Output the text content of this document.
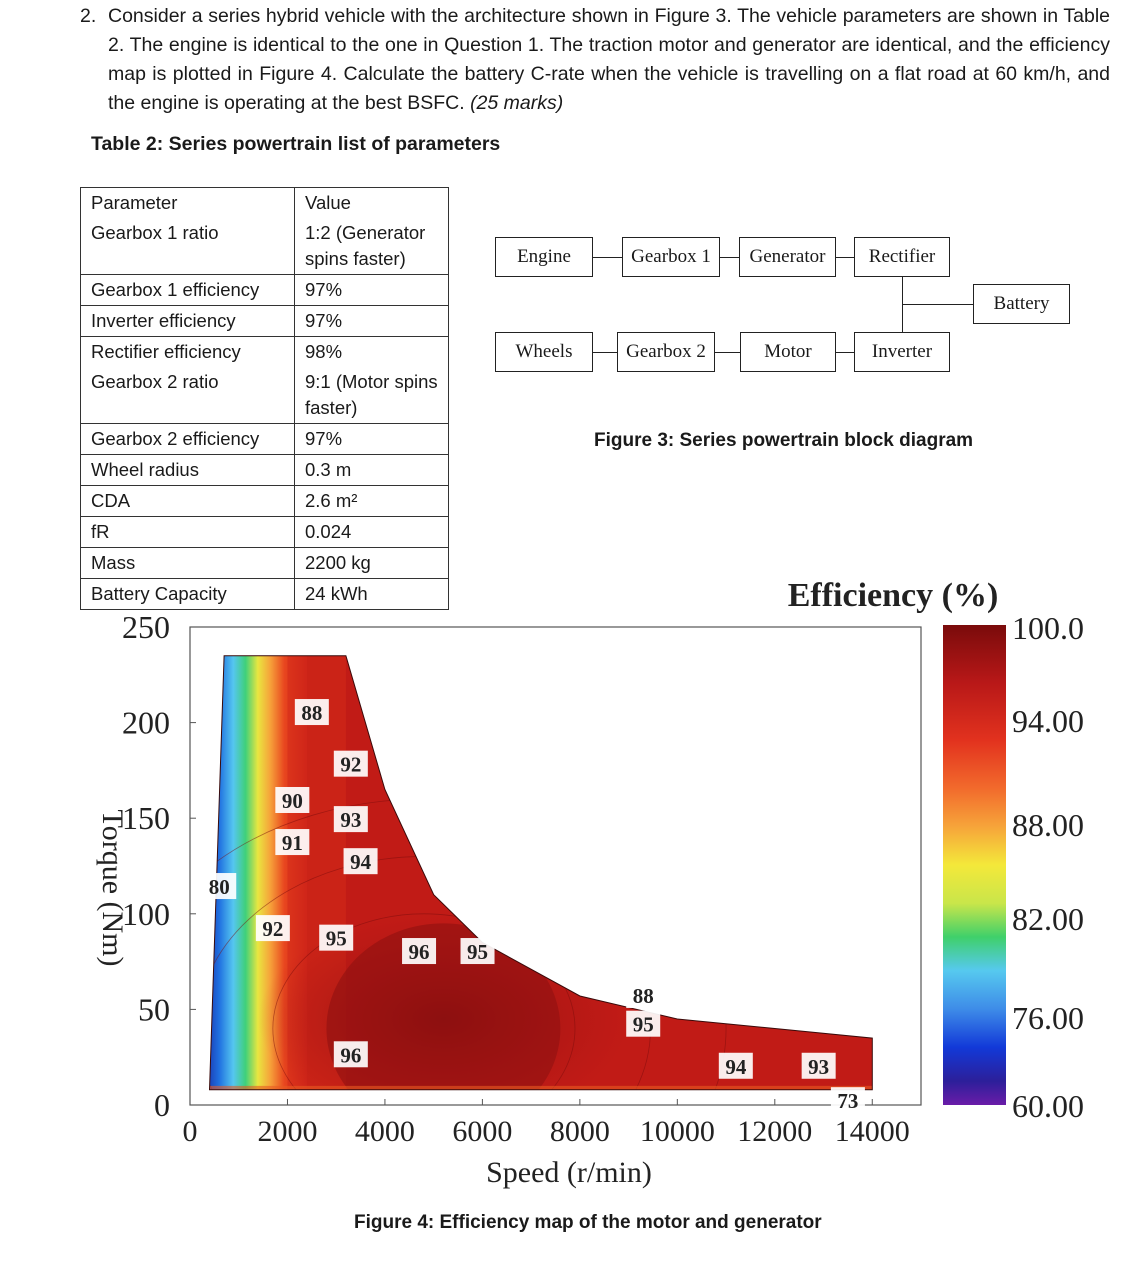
2. Consider a series hybrid vehicle with the architecture shown in Figure 3. The vehicle parameters are shown in Table 2. The engine is identical to the one in Question 1. The traction motor and generator are identical, and the efficiency map is plotted in Figure 4. Calculate the battery C-rate when the vehicle is travelling on a flat road at 60 km/h, and the engine is operating at the best BSFC. (25 marks)
Table 2: Series powertrain list of parameters
Parameter	Value
Gearbox 1 ratio	1:2 (Generator spins faster)
Gearbox 1 efficiency	97%
Inverter efficiency	97%
Rectifier efficiency	98%
Gearbox 2 ratio	9:1 (Motor spins faster)
Gearbox 2 efficiency	97%
Wheel radius	0.3 m
CDA	2.6 m²
fR	0.024
Mass	2200 kg
Battery Capacity	24 kWh
Engine	Gearbox 1	Generator	Rectifier
Wheels	Gearbox 2	Motor	Inverter
Battery
Figure 3: Series powertrain block diagram
88
92
90
93
91
94
80
92 95
96 95
88
95
96	94	93
73
0 2000 4000 6000 8000 10000 12000 14000
0
50
100
150
200
250
Efficiency (%)
Speed (r/min)
Torque (Nm)
100.0
94.00
88.00
82.00
76.00
60.00
Figure 4: Efficiency map of the motor and generator
